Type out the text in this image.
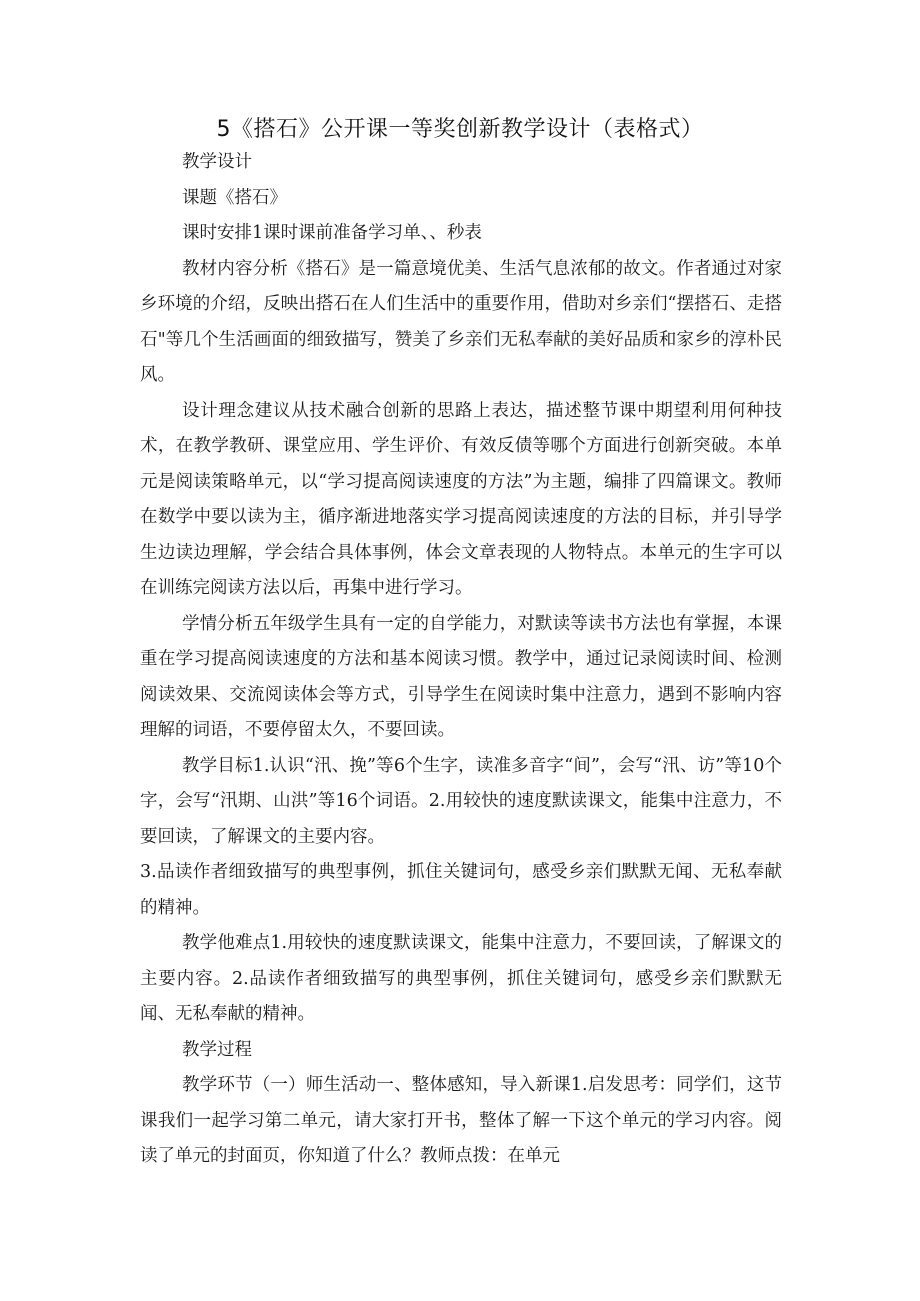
5《搭石》公开课一等奖创新教学设计（表格式）

教学设计

课题《搭石》

课时安排1课时课前准备学习单、、秒表

教材内容分析《搭石》是一篇意境优美、生活气息浓郁的故文。作者通过对家乡环境的介绍，反映出搭石在人们生活中的重要作用，借助对乡亲们“摆搭石、走搭石"等几个生活画面的细致描写，赞美了乡亲们无私奉献的美好品质和家乡的淳朴民风。

设计理念建议从技术融合创新的思路上表达，描述整节课中期望利用何种技术，在教学教研、课堂应用、学生评价、有效反债等哪个方面进行创新突破。本单元是阅读策略单元，以“学习提高阅读速度的方法”为主题，编排了四篇课文。教师在数学中要以读为主，循序渐进地落实学习提高阅读速度的方法的目标，并引导学生边读边理解，学会结合具体事例，体会文章表现的人物特点。本单元的生字可以在训练完阅读方法以后，再集中进行学习。

学情分析五年级学生具有一定的自学能力，对默读等读书方法也有掌握，本课重在学习提高阅读速度的方法和基本阅读习惯。教学中，通过记录阅读时间、检测阅读效果、交流阅读体会等方式，引导学生在阅读时集中注意力，遇到不影响内容理解的词语，不要停留太久，不要回读。

教学目标1.认识“汛、挽”等6个生字，读准多音字“间”，会写“汛、访”等10个字，会写“汛期、山洪”等16个词语。2.用较快的速度默读课文，能集中注意力，不要回读，了解课文的主要内容。

3.品读作者细致描写的典型事例，抓住关键词句，感受乡亲们默默无闻、无私奉献的精神。

教学他难点1.用较快的速度默读课文，能集中注意力，不要回读，了解课文的主要内容。2.品读作者细致描写的典型事例，抓住关键词句，感受乡亲们默默无闻、无私奉献的精神。

教学过程

教学环节（一）师生活动一、整体感知，导入新课1.启发思考：同学们，这节课我们一起学习第二单元，请大家打开书，整体了解一下这个单元的学习内容。阅读了单元的封面页，你知道了什么？教师点拨：在单元
